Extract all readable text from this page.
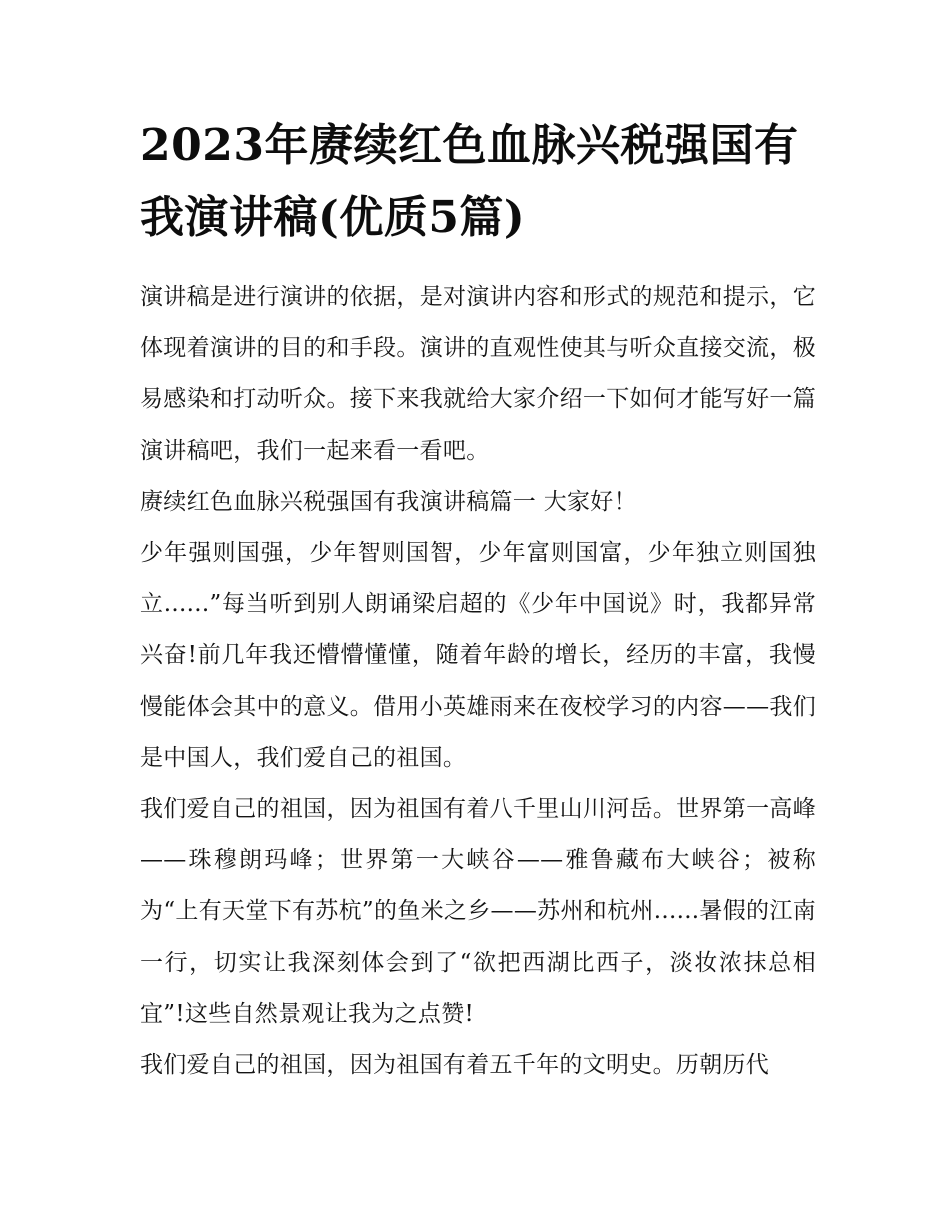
2023年赓续红色血脉兴税强国有我演讲稿(优质5篇)

演讲稿是进行演讲的依据，是对演讲内容和形式的规范和提示，它体现着演讲的目的和手段。演讲的直观性使其与听众直接交流，极易感染和打动听众。接下来我就给大家介绍一下如何才能写好一篇演讲稿吧，我们一起来看一看吧。

赓续红色血脉兴税强国有我演讲稿篇一 大家好！

少年强则国强，少年智则国智，少年富则国富，少年独立则国独立......”每当听到别人朗诵梁启超的《少年中国说》时，我都异常兴奋!前几年我还懵懵懂懂，随着年龄的增长，经历的丰富，我慢慢能体会其中的意义。借用小英雄雨来在夜校学习的内容——我们是中国人，我们爱自己的祖国。

我们爱自己的祖国，因为祖国有着八千里山川河岳。世界第一高峰——珠穆朗玛峰；世界第一大峡谷——雅鲁藏布大峡谷；被称为“上有天堂下有苏杭”的鱼米之乡——苏州和杭州......暑假的江南一行，切实让我深刻体会到了“欲把西湖比西子，淡妆浓抹总相宜”!这些自然景观让我为之点赞!

我们爱自己的祖国，因为祖国有着五千年的文明史。历朝历代
